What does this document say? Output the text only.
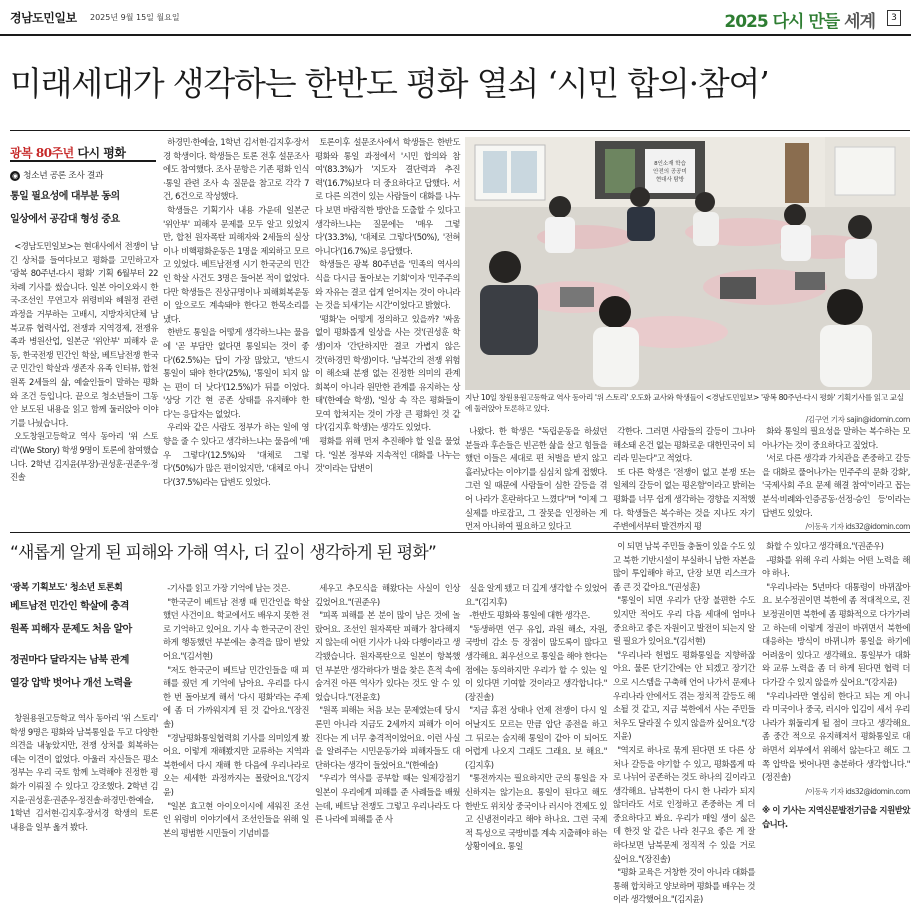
경남도민일보 2025년 9월 15일 월요일	2025 다시 만들 세계	3
미래세대가 생각하는 한반도 평화 열쇠 ‘시민 합의·참여’
광복 80주년 다시 평화
◉ 청소년 공론 조사 결과
통일 필요성에 대부분 동의
일상에서 공감대 형성 중요

<경남도민일보>는 현대사에서 전쟁이 남긴 상처를 들여다보고 평화를 고민하고자 '광복 80주년-다시 평화' 기획 6월부터 22차례 기사를 썼습니다. 일본 아이오와시 한국-조선인 무연고자 위령비와 혜원정 관련 과정을 거부하는 고배시, 지방자치단체 남북교류 협력사업, 전쟁과 지역경제, 전쟁유족과 병원산업, 일본군 '위안부' 피해자 운동, 한국전쟁 민간인 학살, 베트남전쟁 한국군 민간인 학살과 생존자 유족 인터뷰, 합천 원폭 2세들의 삶, 예술인들이 말하는 평화와 조건 등입니다. 끝으로 청소년들이 그동안 보도된 내용을 읽고 함께 둘러앉아 이야기를 나눴습니다.

오도창원고등학교 역사 동아리 '위 스토리'(We Story) 학생 9명이 토론에 참여했습니다. 2학년 김지윤(부장)·권성훈·권준우·정진솔

하경민·한예슬, 1학년 김서현·김지후·장서경 학생이다. 학생들은 토론 전후 설문조사에도 참여했다. 조사 문항은 기존 평화 인식·통일 관련 조사 속 질문을 참고로 각각 7건, 6건으로 작성했다.

학생들은 기획기사 내용 가운데 일본군 '위안부' 피해자 문제를 모두 알고 있었지만, 합천 원자폭탄 피해자와 2세들의 실상이나 비핵평화운동은 1명을 제외하고 모르고 있었다. 베트남전쟁 시기 한국군의 민간인 학살 사건도 3명은 들어본 적이 없었다. 다만 학생들은 진상규명이나 피해회복운동이 앞으로도 계속돼야 한다고 한목소리를 냈다.

한반도 통일을 어떻게 생각하느냐는 물음에 '곧 부담만 없다면 통일되는 것이 좋다'(62.5%)는 답이 가장 많았고, '반드시 통일이 돼야 한다'(25%), '통일이 되지 않는 편이 더 낫다'(12.5%)가 뒤를 이었다. '상당 기간 현 공존 상태를 유지해야 한다'는 응답자는 없었다.

우리와 같은 사람도 정부가 하는 일에 영향을 줄 수 있다고 생각하느냐는 물음에 '매우 그렇다'(12.5%)와 '대체로 그렇다'(50%)가 많은 편이었지만, '대체로 아니다'(37.5%)라는 답변도 있었다.

토론이후 설문조사에서 학생들은 한반도 평화와 통일 과정에서 '시민 합의와 참여'(83.3%)가 '지도자 결단력과 추진력'(16.7%)보다 더 중요하다고 답했다. 서로 다른 의견이 있는 사람들이 대화를 나누다 보면 바람직한 방안을 도출할 수 있다고 생각하느냐는 질문에는 '매우 그렇다'(33.3%), '대체로 그렇다'(50%), '전혀 아니다'(16.7%)로 응답했다.

학생들은 광복 80주년을 '민족의 역사의식을 다시금 돌아보는 기회'이자 '민주주의와 자유는 결코 쉽게 얻어지는 것이 아니라는 것을 되새기는 시간'이었다고 밝혔다.

'평화'는 어떻게 정의하고 있을까? '싸움 없이 평화롭게 일상을 사는 것'(권성훈 학생)이자 '간단하지만 결코 가볍지 않은 것'(하경민 학생)이다. '남북간의 전쟁 위험이 해소돼 분쟁 없는 진정한 의미의 관계 회복이 아니라 원만한 관계를 유지하는 상태'(한예슬 학생), '일상 속 작은 평화들이 모여 합쳐지는 것이 가장 큰 평화인 것 같다'(김지후 학생)는 생각도 있었다.

평화를 위해 먼저 추진해야 할 일을 물었다. '일본 정부와 지속적인 대화를 나누는 것'이라는 답변이

8인소재 학습
안전의 공공미
현대사 탐방
지난 10일 창원용원고등학교 역사 동아리 '위 스토리' 오도화 교사와 학생들이 <경남도민일보> '광복 80주년-다시 평화' 기획기사를 읽고 교실에 둘러앉아 토론하고 있다.
/김구연 기자 sajin@idomin.com

나왔다. 한 학생은 "독립운동을 하셨던 분들과 후손들은 빈곤한 삶을 살고 힘들을 했던 이들은 세대로 편 처벌을 받지 않고 흘러났다는 이야기를 심심치 않게 접했다. 그런 일 때문에 사람들이 심한 갈등을 겪어 나라가 혼란하다고 느꼈다"며 "이제 그 실제를 바로잡고, 그 잘못을 인정하는 게 먼저 아니하여 필요하고 있다고

각한다. 그러면 사람들의 갈등이 그나마 해소돼 온건 없는 평화로운 대한민국이 되리라 믿는다"고 적었다.

또 다른 학생은 '전쟁이 없고 분쟁 또는 일체의 갈등이 없는 평온함'이라고 밝히는 평화를 너무 쉽게 생각하는 경향을 지적했다. 학생들은 복수하는 것을 지나도 자기 주변에서부터 발견까지 평

화와 통일의 필요성을 말하는 복수하는 모아나가는 것이 중요하다고 짚었다.

'서로 다른 생각과 가치관을 존중하고 갈등을 대화로 풀어나가는 민주주의 문화 강화', '국제사회 주요 문제 해결 참여'이라고 꼽는 분석·비례와·인증공동·선정·승인 등'이라는 답변도 있었다.

/이동욱 기자 ids32@idomin.com
“새롭게 알게 된 피해와 가해 역사, 더 깊이 생각하게 된 평화”
'광복 기획보도' 청소년 토론회
베트남전 민간인 학살에 충격
원폭 피해자 문제도 처음 알아
정권마다 달라지는 남북 관계
열강 압박 벗어나 개선 노력을

창원용원고등학교 역사 동아리 '위 스토리' 학생 9명은 평화와 남북통일을 두고 다양한 의견을 내놓았지만, 전쟁 상처를 회복하는 데는 이견이 없었다. 아울러 자신들은 평소 정부는 우리 국토 함께 노력해야 진정한 평화가 이뤄질 수 있다고 강조했다. 2학년 김지윤·권성훈·권준우·정진솔·하경민·한예슬, 1학년 김서현·김지후·장서경 학생의 토론 내용을 일부 옮겨 봤다.

-기사를 읽고 가장 기억에 남는 것은.

"한국군이 베트남 전쟁 때 민간인을 학살했던 사건이요. 학교에서도 배우지 못한 전로 기억하고 있어요. 기사 속 한국군이 잔인하게 행동했던 부분에는 충격을 많이 받았어요."(김서현)

"저도 한국군이 베트남 민간인들을 때 피해를 줬던 게 기억에 남아요. 우리를 다시 한 번 돌아보게 해서 '다시 평화'라는 주제에 좀 더 가까워지게 된 것 같아요."(장진솔)

"경남평화통일협력회 기사를 의미있게 봤어요. 이렇게 재해봤지만 교류하는 지역과 북한에서 다시 재해 한 다음에 우리나라로 오는 세세한 과정까지는 몰랐어요."(강지윤)

"일본 효고현 아이오이시에 세워진 조선인 위령비 이야기에서 조선인들을 위해 일본의 평범한 시민들이 기념비를

세우고 추모식을 해왔다는 사실이 인상 깊었어요."(권준우)

"피폭 피해를 본 분이 많이 남은 것에 놀랐어요. 조선인 원자폭탄 피해가 참다해지지 않는데 어떤 기사가 나와 다행이라고 생각됐습니다. 원자폭탄으로 일본이 항복했던 부분만 생각하다가 벌을 찾은 흔적 속에 숨겨진 아픈 역사가 있다는 것도 알 수 있었습니다."(전윤호)

"원폭 피해는 처음 보는 문제였는데 당시 론민 아니라 지금도 2세까지 피해가 이어진다는 게 너무 충격적이었어요. 이런 사실을 알려주는 시민운동가와 피해자들도 대단하다는 생각이 들었어요."(한예슬)

"우리가 역사를 공부할 때는 일제강점기 일본이 우리에게 피해를 준 사례들을 배웠는데, 베트남 전쟁도 그렇고 우리나라도 다른 나라에 피해를 준 사

실을 알게 됐고 더 깊게 생각할 수 있었어요."(김지후)

-한반도 평화와 통일에 대한 생각은.

"동생하면 연구 유입, 과원 해소, 자원, 국방비 감소 등 장점이 많도록이 많다고 생각해요. 최우선으로 통일을 해야 한다는 점에는 동의하지만 우리가 할 수 있는 일이 있다면 기여할 것이라고 생각합니다."(장진솔)

"지금 휴전 상태나 언제 전쟁이 다시 일어날지도 모르는 만큼 압단 종전을 하고 그 뒤로는 숨지해 통일이 같아 이 되어도 어렵게 나오지 그래도 그래요. 보 해요."(김지후)

"통전까지는 필요하지만 군의 통일을 자신하지는 않기는요. 통일이 된다고 해도 한반도 위치상 중국이나 러시아 견제도 있고 신냉전이라고 해야 하나요. 그런 국제적 특성으로 국방비를 계속 지출해야 하는 상황이에요. 통일

이 되면 남북 주민들 충돌이 있을 수도 있고 북한 기반시설이 부실하니 남한 자본을 많이 투입해야 하고, 단장 보면 리스크가 좀 큰 것 같아요."(권성훈)

"통일이 되면 우리가 단장 불편한 수도 있지만 적어도 우리 다음 세대에 엄마나 중요하고 좋은 자원이고 발전이 되는지 알릴 필요가 있어요."(김서현)

"우리나라 헌법도 평화통일을 지향하잖아요. 물론 단기간에는 안 되겠고 장기간으로 시스템을 구축해 언어 나가서 문제나 우리나라 안에서도 겪는 정치적 갈등도 해소될 것 같고, 지금 북한에서 사는 주민들 처우도 달라질 수 있지 않을까 싶어요."(강지윤)

"역지로 하나로 묶게 된다면 또 다른 상처나 갈등을 야기할 수 있고, 평화롭게 따로 나뉘어 공존하는 것도 하나의 길이라고 생각해요. 남북한이 다시 한 나라가 되지 않더라도 서로 인정하고 존중하는 게 더 중요하다고 봐요. 우리가 매일 생이 싫은데 한것 알 같은 나라 친구요 좋은 게 잘 하다보면 남북문제 정직적 수 있을 거로 싶어요."(장진솔)

"평화 교육은 거창한 것이 아니라 대화를 통해 합치하고 양보하며 평화를 배우는 것 이라 생각했어요."(김지윤)

화할 수 있다고 생각해요."(권준우)

-평화를 위해 우리 사회는 어떤 노력을 해야 하나.

"우리나라는 5년마다 대통령이 바뀌잖아요. 보수정권이면 북한에 좀 적대적으로, 진보정권이면 북한에 좀 평화적으로 다가가려고 하는데 이렇게 정권이 바뀌면서 북한에 대응하는 방식이 바뀌니까 통일을 하기에 어려움이 있다고 생각해요. 통일부가 대화와 교류 노력을 좀 더 하게 된다면 협력 더 다가갈 수 있지 않을까 싶어요."(강지윤)

"우리나라만 열심히 한다고 되는 게 아니라 미국이나 중국, 러시아 입김이 세서 우리나라가 휘둘리게 될 점이 크다고 생각해요. 좀 중간 적으로 유지해져서 평화통일로 대하면서 외부에서 위해서 않는다고 해도 그쪽 압박을 벗어나면 충분하다 생각합니다."(정진솔)

/이동욱 기자 ids32@idomin.com
※ 이 기사는 지역신문발전기금을 지원받았습니다.
